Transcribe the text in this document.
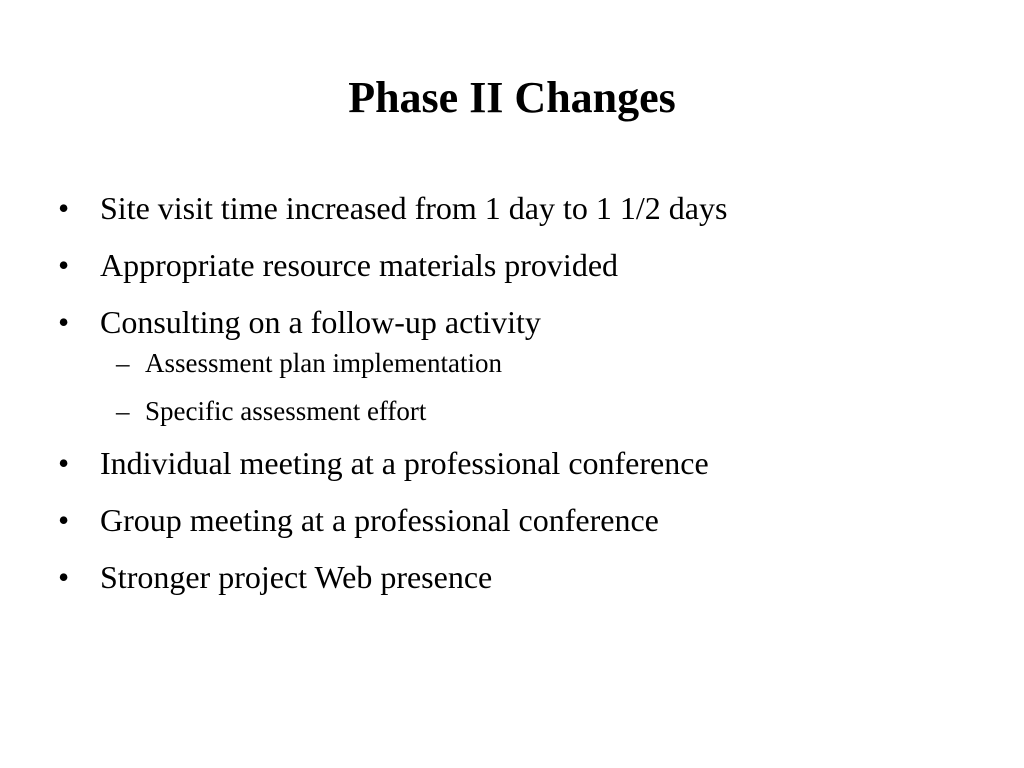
Phase II Changes
• Site visit time increased from 1 day to 1 1/2 days
• Appropriate resource materials provided
• Consulting on a follow-up activity
– Assessment plan implementation
– Specific assessment effort
• Individual meeting at a professional conference
• Group meeting at a professional conference
• Stronger project Web presence
